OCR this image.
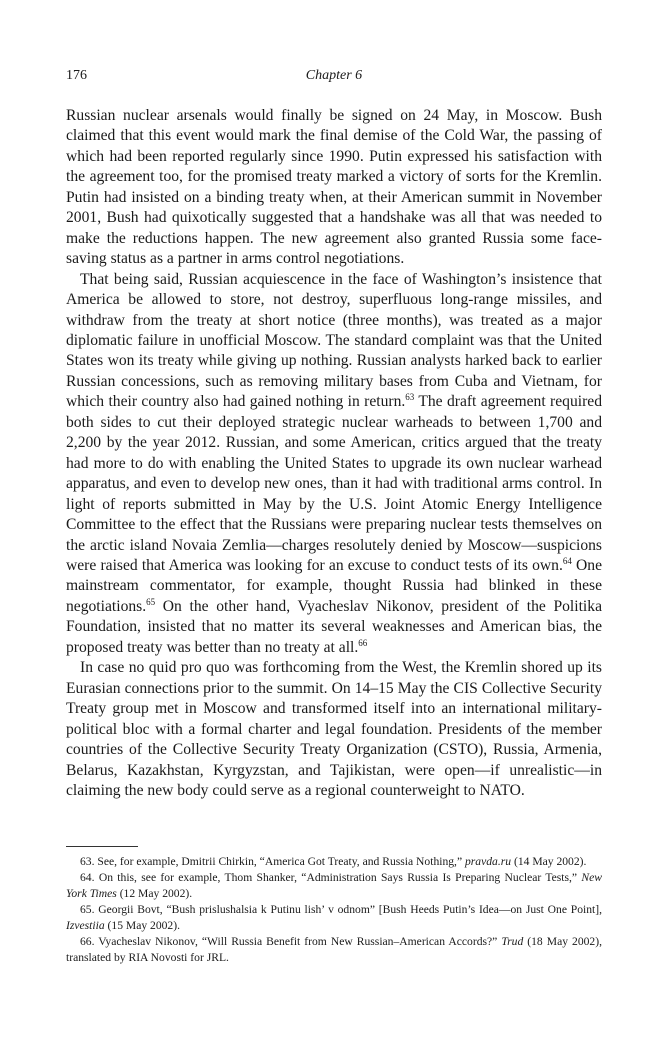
176	Chapter 6

Russian nuclear arsenals would finally be signed on 24 May, in Moscow. Bush claimed that this event would mark the final demise of the Cold War, the passing of which had been reported regularly since 1990. Putin expressed his satisfaction with the agreement too, for the promised treaty marked a victory of sorts for the Kremlin. Putin had insisted on a binding treaty when, at their American summit in November 2001, Bush had quixotically suggested that a handshake was all that was needed to make the reductions happen. The new agreement also granted Russia some face-saving status as a partner in arms control negotiations.

That being said, Russian acquiescence in the face of Washington’s insistence that America be allowed to store, not destroy, superfluous long-range missiles, and withdraw from the treaty at short notice (three months), was treated as a major diplomatic failure in unofficial Moscow. The standard complaint was that the United States won its treaty while giving up nothing. Russian analysts harked back to earlier Russian concessions, such as removing military bases from Cuba and Vietnam, for which their country also had gained nothing in return.$^{63}$ The draft agreement required both sides to cut their deployed strategic nuclear warheads to between 1,700 and 2,200 by the year 2012. Russian, and some American, critics argued that the treaty had more to do with enabling the United States to upgrade its own nuclear warhead apparatus, and even to develop new ones, than it had with traditional arms control. In light of reports submitted in May by the U.S. Joint Atomic Energy Intelligence Committee to the effect that the Russians were preparing nuclear tests themselves on the arctic island Novaia Zemlia—charges resolutely denied by Moscow—suspicions were raised that America was looking for an excuse to conduct tests of its own.$^{64}$ One mainstream commentator, for example, thought Russia had blinked in these negotiations.$^{65}$ On the other hand, Vyacheslav Nikonov, president of the Politika Foundation, insisted that no matter its several weaknesses and American bias, the proposed treaty was better than no treaty at all.$^{66}$

In case no quid pro quo was forthcoming from the West, the Kremlin shored up its Eurasian connections prior to the summit. On 14–15 May the CIS Collective Security Treaty group met in Moscow and transformed itself into an international military-political bloc with a formal charter and legal foundation. Presidents of the member countries of the Collective Security Treaty Organization (CSTO), Russia, Armenia, Belarus, Kazakhstan, Kyrgyzstan, and Tajikistan, were open—if unrealistic—in claiming the new body could serve as a regional counterweight to NATO.

63. See, for example, Dmitrii Chirkin, “America Got Treaty, and Russia Nothing,” pravda.ru (14 May 2002).

64. On this, see for example, Thom Shanker, “Administration Says Russia Is Preparing Nuclear Tests,” New York Times (12 May 2002).

65. Georgii Bovt, “Bush prislushalsia k Putinu lish’ v odnom” [Bush Heeds Putin’s Idea—on Just One Point], Izvestiia (15 May 2002).

66. Vyacheslav Nikonov, “Will Russia Benefit from New Russian–American Accords?” Trud (18 May 2002), translated by RIA Novosti for JRL.
